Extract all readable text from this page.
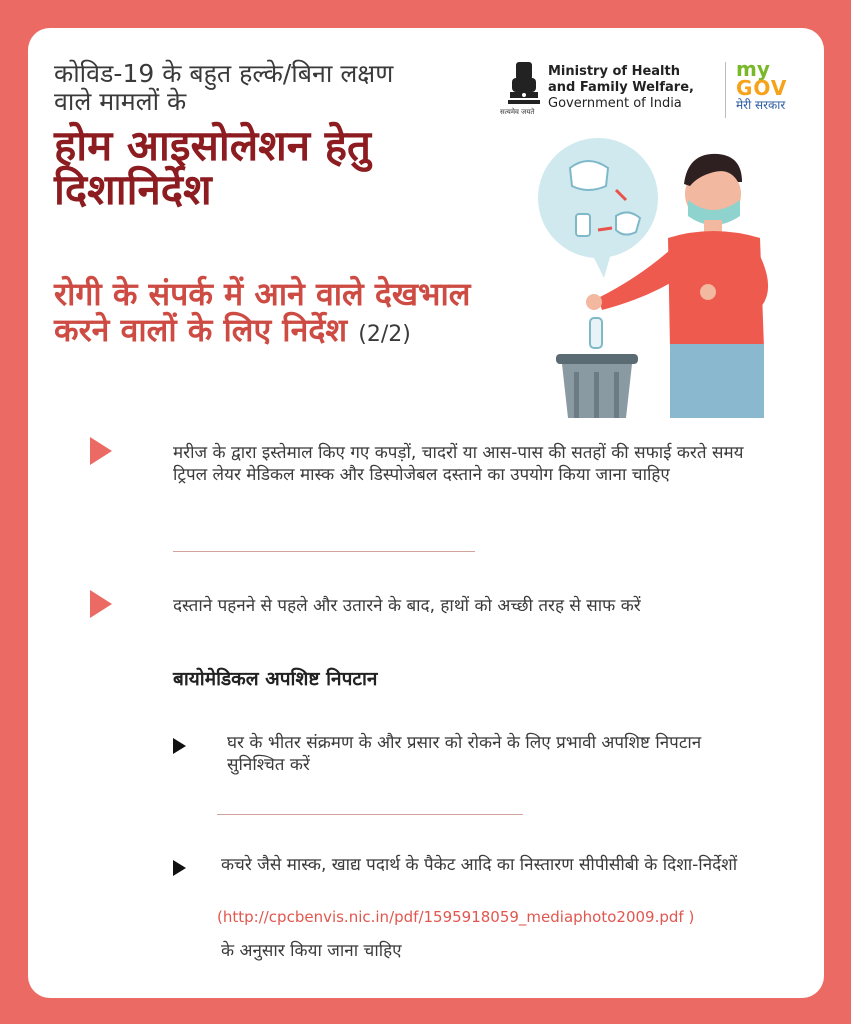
कोविड-19 के बहुत हल्के/बिना लक्षण वाले मामलों के
होम आइसोलेशन हेतु दिशानिर्देश
रोगी के संपर्क में आने वाले देखभाल करने वालों के लिए निर्देश (2/2)
सत्यमेव जयते
Ministry of Health
and Family Welfare,
Government of India
my
GOV
मेरी सरकार
मरीज के द्वारा इस्तेमाल किए गए कपड़ों, चादरों या आस-पास की सतहों की सफाई करते समय ट्रिपल लेयर मेडिकल मास्क और डिस्पोजेबल दस्ताने का उपयोग किया जाना चाहिए
दस्ताने पहनने से पहले और उतारने के बाद, हाथों को अच्छी तरह से साफ करें
बायोमेडिकल अपशिष्ट निपटान
घर के भीतर संक्रमण के और प्रसार को रोकने के लिए प्रभावी अपशिष्ट निपटान सुनिश्चित करें
कचरे जैसे मास्क, खाद्य पदार्थ के पैकेट आदि का निस्तारण सीपीसीबी के दिशा-निर्देशों
(http://cpcbenvis.nic.in/pdf/1595918059_mediaphoto2009.pdf )
के अनुसार किया जाना चाहिए
